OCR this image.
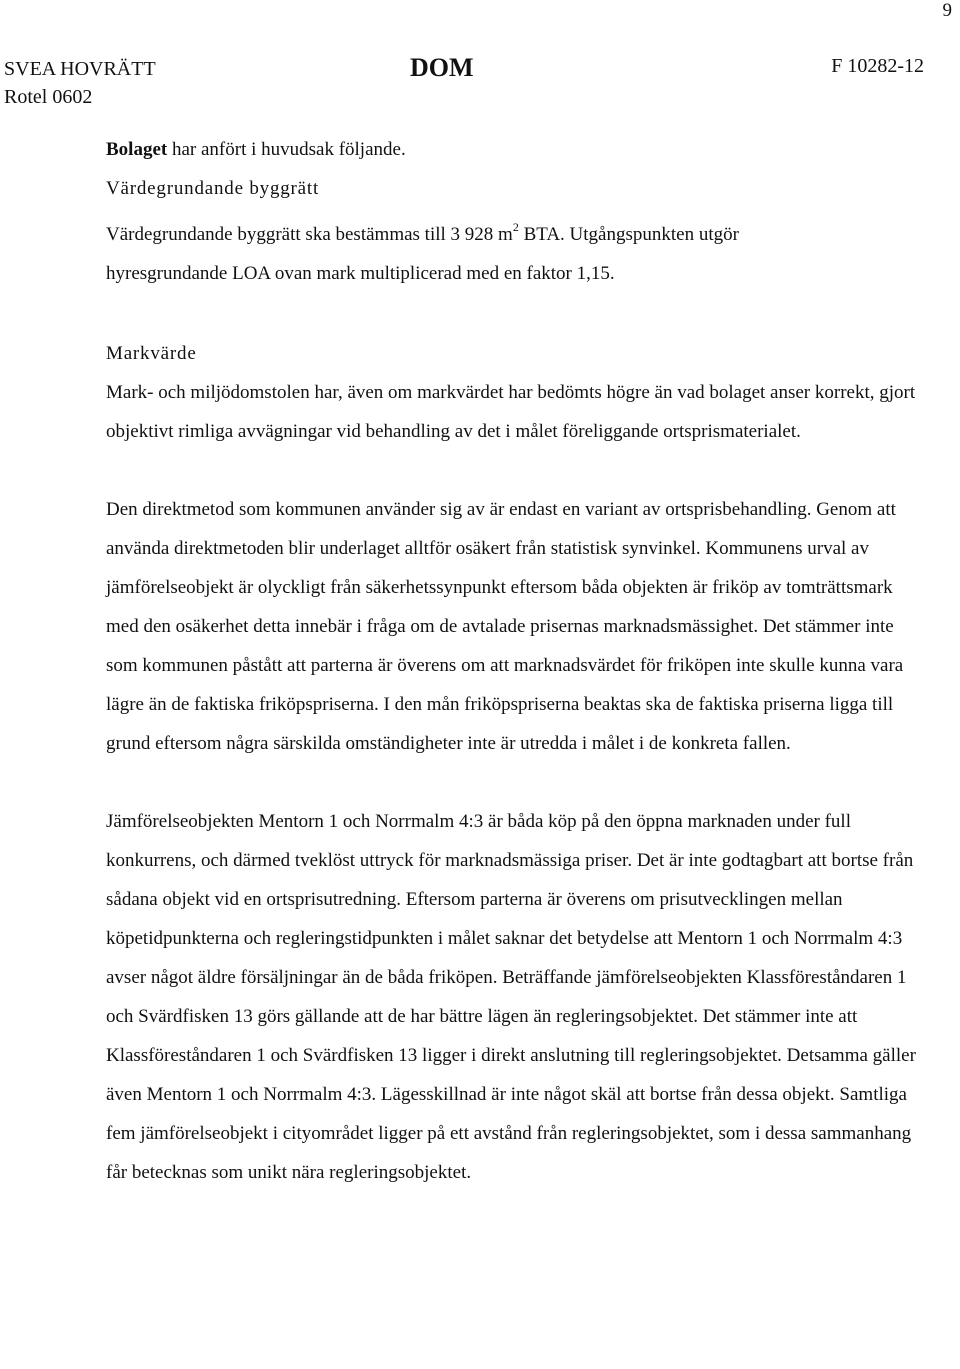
9
SVEA HOVRÄTT
Rotel 0602
DOM	F 10282-12

Bolaget har anfört i huvudsak följande.

Värdegrundande byggrätt

Värdegrundande byggrätt ska bestämmas till 3 928 $m^2$ BTA. Utgångspunkten utgör
hyresgrundande LOA ovan mark multiplicerad med en faktor 1,15.

Markvärde

Mark- och miljödomstolen har, även om markvärdet har bedömts högre än vad bolaget anser korrekt, gjort objektivt rimliga avvägningar vid behandling av det i målet föreliggande ortsprismaterialet.

Den direktmetod som kommunen använder sig av är endast en variant av ortsprisbehandling. Genom att använda direktmetoden blir underlaget alltför osäkert från statistisk synvinkel. Kommunens urval av jämförelseobjekt är olyckligt från säkerhetssynpunkt eftersom båda objekten är friköp av tomträttsmark med den osäkerhet detta innebär i fråga om de avtalade prisernas marknadsmässighet. Det stämmer inte som kommunen påstått att parterna är överens om att marknadsvärdet för friköpen inte skulle kunna vara lägre än de faktiska friköpspriserna. I den mån friköpspriserna beaktas ska de faktiska priserna ligga till grund eftersom några särskilda omständigheter inte är utredda i målet i de konkreta fallen.

Jämförelseobjekten Mentorn 1 och Norrmalm 4:3 är båda köp på den öppna marknaden under full konkurrens, och därmed tveklöst uttryck för marknadsmässiga priser. Det är inte godtagbart att bortse från sådana objekt vid en ortsprisutredning. Eftersom parterna är överens om prisutvecklingen mellan köpetidpunkterna och regleringstidpunkten i målet saknar det betydelse att Mentorn 1 och Norrmalm 4:3 avser något äldre försäljningar än de båda friköpen. Beträffande jämförelseobjekten Klassföreståndaren 1 och Svärdfisken 13 görs gällande att de har bättre lägen än regleringsobjektet. Det stämmer inte att Klassföreståndaren 1 och Svärdfisken 13 ligger i direkt anslutning till regleringsobjektet. Detsamma gäller även Mentorn 1 och Norrmalm 4:3. Lägesskillnad är inte något skäl att bortse från dessa objekt. Samtliga fem jämförelseobjekt i cityområdet ligger på ett avstånd från regleringsobjektet, som i dessa sammanhang får betecknas som unikt nära regleringsobjektet.
